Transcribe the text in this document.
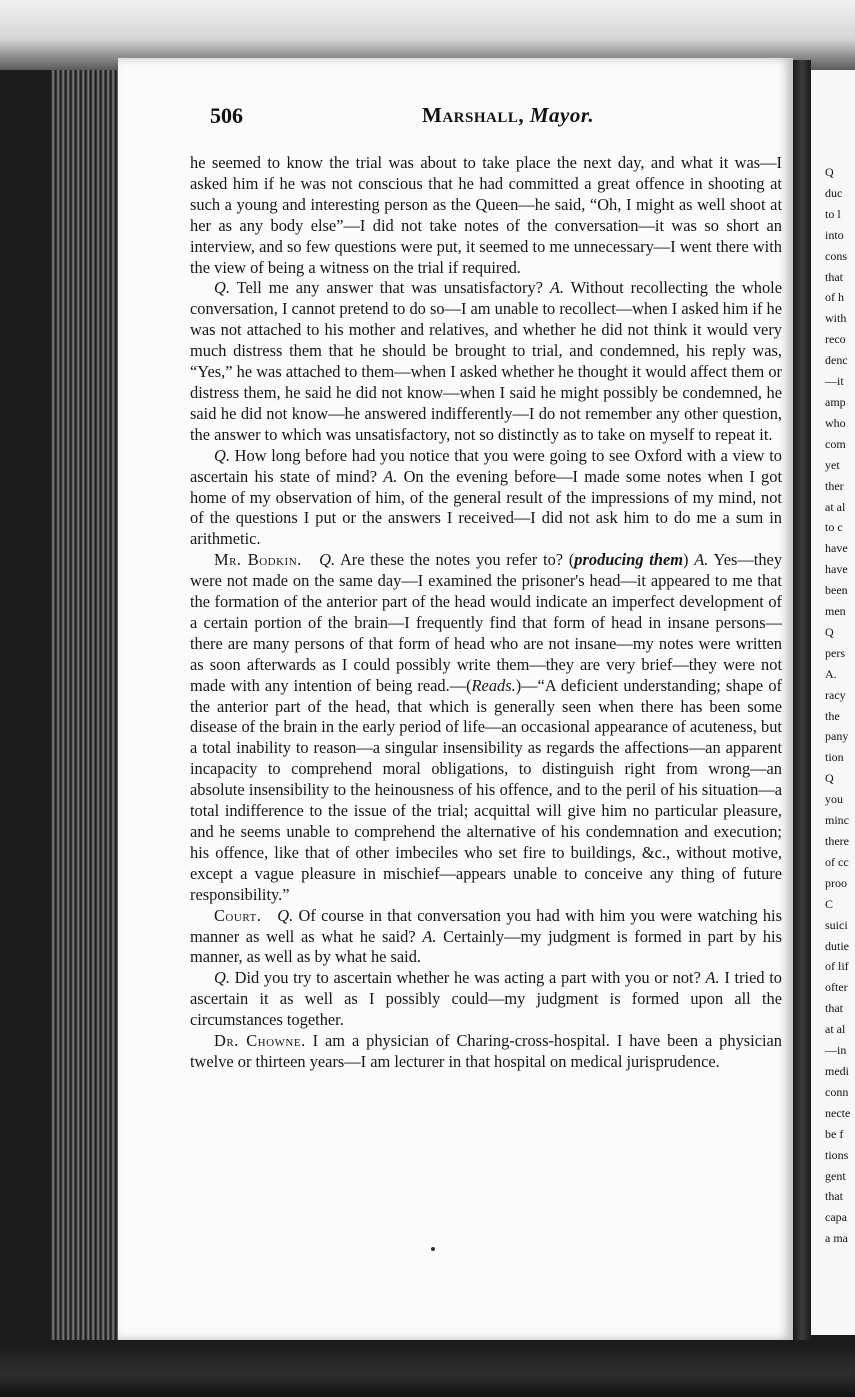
Q
duc
to l
into
cons
that
of h
with
reco
denc
—it
amp
who
com
yet
ther
at al
to c
have
have
been
men
Q
pers
A.
racy
the
pany
tion
Q
you
minc
there
of cc
proo
C
suici
dutie
of lif
ofter
that
at al
—in
medi
conn
necte
be f
tions
gent
that
capa
a ma
506	Marshall, Mayor.

he seemed to know the trial was about to take place the next day, and what it was—I asked him if he was not conscious that he had committed a great offence in shooting at such a young and interesting person as the Queen—he said, “Oh, I might as well shoot at her as any body else”—I did not take notes of the conversation—it was so short an interview, and so few questions were put, it seemed to me unnecessary—I went there with the view of being a witness on the trial if required.

Q. Tell me any answer that was unsatisfactory? A. Without recollecting the whole conversation, I cannot pretend to do so—I am unable to recollect—when I asked him if he was not attached to his mother and relatives, and whether he did not think it would very much distress them that he should be brought to trial, and condemned, his reply was, “Yes,” he was attached to them—when I asked whether he thought it would affect them or distress them, he said he did not know—when I said he might possibly be condemned, he said he did not know—he answered indifferently—I do not remember any other question, the answer to which was unsatisfactory, not so distinctly as to take on myself to repeat it.

Q. How long before had you notice that you were going to see Oxford with a view to ascertain his state of mind? A. On the evening before—I made some notes when I got home of my observation of him, of the general result of the impressions of my mind, not of the questions I put or the answers I received—I did not ask him to do me a sum in arithmetic.

Mr. Bodkin. Q. Are these the notes you refer to? (producing them) A. Yes—they were not made on the same day—I examined the prisoner's head—it appeared to me that the formation of the anterior part of the head would indicate an imperfect development of a certain portion of the brain—I frequently find that form of head in insane persons—there are many persons of that form of head who are not insane—my notes were written as soon afterwards as I could possibly write them—they are very brief—they were not made with any intention of being read.—(Reads.)—“A deficient understanding; shape of the anterior part of the head, that which is generally seen when there has been some disease of the brain in the early period of life—an occasional appearance of acuteness, but a total inability to reason—a singular insensibility as regards the affections—an apparent incapacity to comprehend moral obligations, to distinguish right from wrong—an absolute insensibility to the heinousness of his offence, and to the peril of his situation—a total indifference to the issue of the trial; acquittal will give him no particular pleasure, and he seems unable to comprehend the alternative of his condemnation and execution; his offence, like that of other imbeciles who set fire to buildings, &c., without motive, except a vague pleasure in mischief—appears unable to conceive any thing of future responsibility.”

Court. Q. Of course in that conversation you had with him you were watching his manner as well as what he said? A. Certainly—my judgment is formed in part by his manner, as well as by what he said.

Q. Did you try to ascertain whether he was acting a part with you or not? A. I tried to ascertain it as well as I possibly could—my judgment is formed upon all the circumstances together.

Dr. Chowne. I am a physician of Charing-cross-hospital. I have been a physician twelve or thirteen years—I am lecturer in that hospital on medical jurisprudence.
